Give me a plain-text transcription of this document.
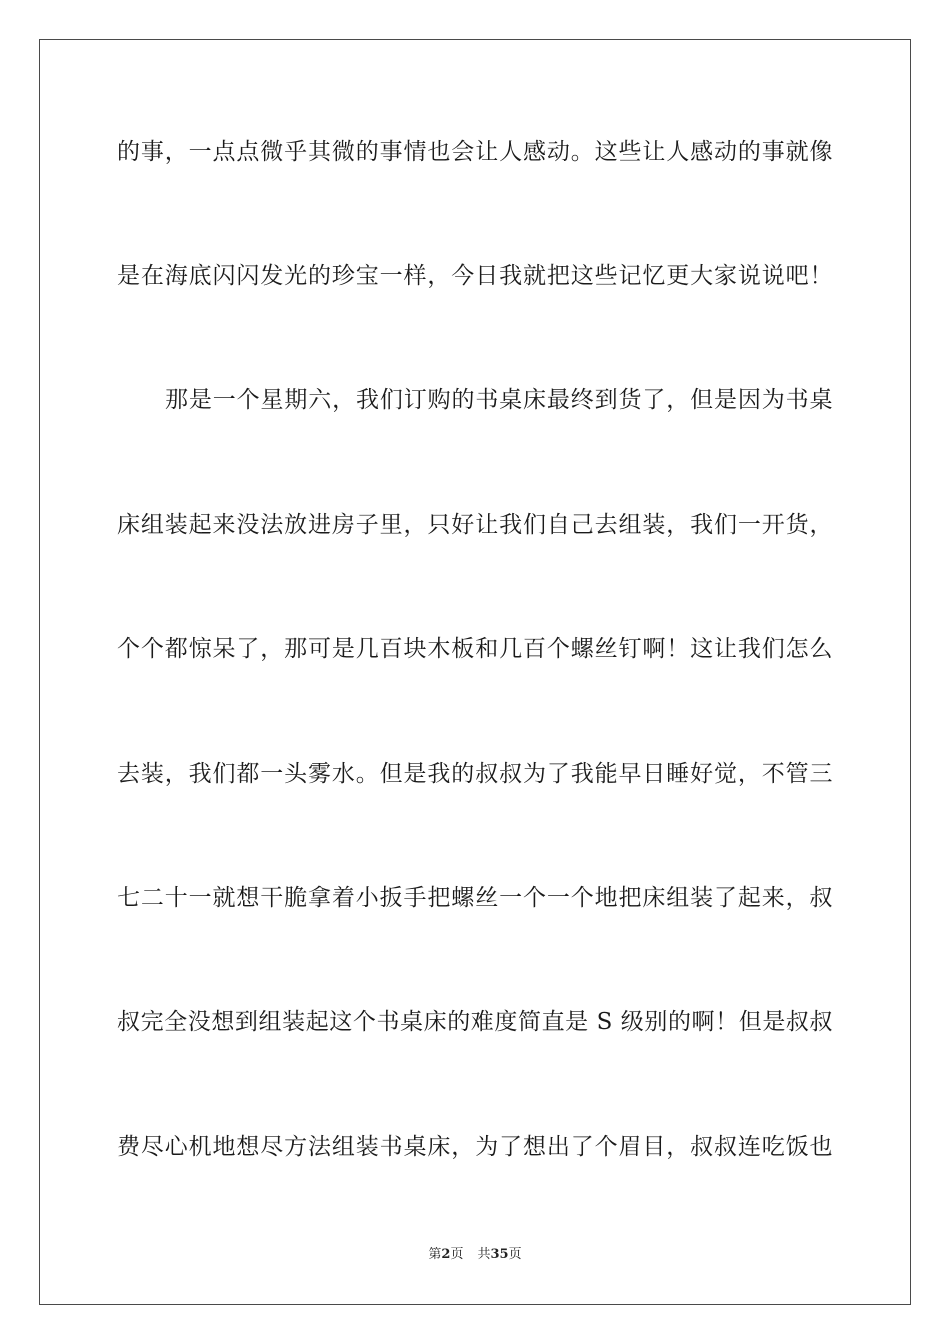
的事，一点点微乎其微的事情也会让人感动。这些让人感动的事就像
是在海底闪闪发光的珍宝一样，今日我就把这些记忆更大家说说吧！
那是一个星期六，我们订购的书桌床最终到货了，但是因为书桌
床组装起来没法放进房子里，只好让我们自己去组装，我们一开货，
个个都惊呆了，那可是几百块木板和几百个螺丝钉啊！这让我们怎么
去装，我们都一头雾水。但是我的叔叔为了我能早日睡好觉，不管三
七二十一就想干脆拿着小扳手把螺丝一个一个地把床组装了起来，叔
叔完全没想到组装起这个书桌床的难度简直是 S 级别的啊！但是叔叔
费尽心机地想尽方法组装书桌床，为了想出了个眉目，叔叔连吃饭也
第2页 共35页
